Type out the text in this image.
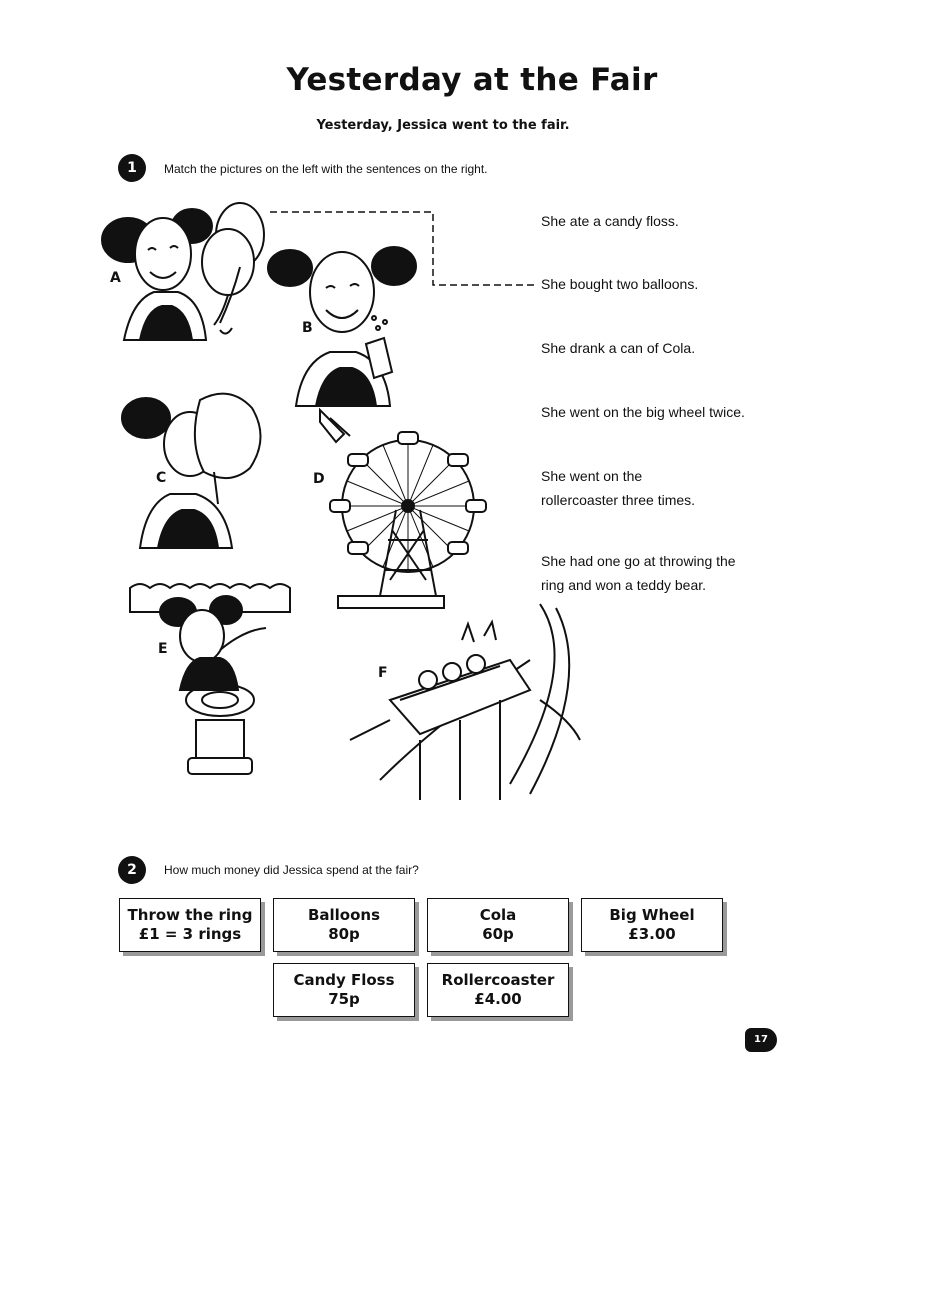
Yesterday at the Fair
Yesterday, Jessica went to the fair.
1	Match the pictures on the left with the sentences on the right.
A
B
C	D
E
F
She ate a candy floss.
She bought two balloons.
She drank a can of Cola.
She went on the big wheel twice.
She went on the
rollercoaster three times.
She had one go at throwing the
ring and won a teddy bear.
2	How much money did Jessica spend at the fair?
Throw the ring
£1 = 3 rings
Balloons
80p
Cola
60p
Big Wheel
£3.00
Candy Floss
75p
Rollercoaster
£4.00
17
